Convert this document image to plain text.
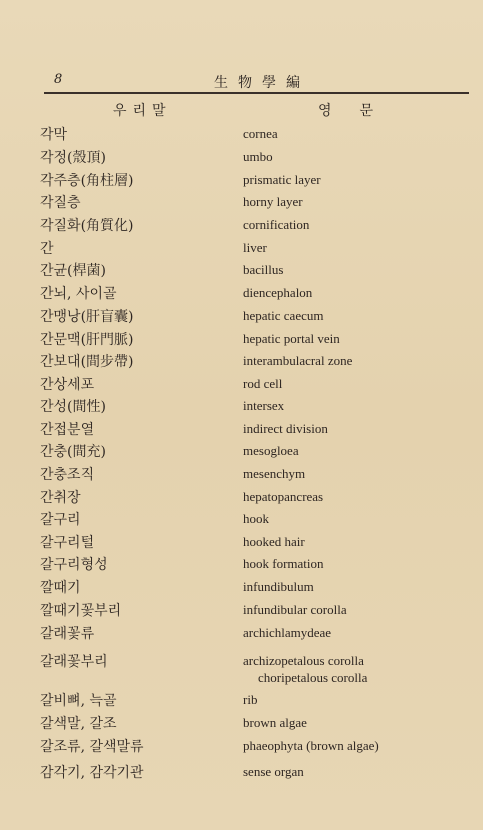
8	生物學編
우리말	영문
각막	cornea
각정(殼頂)	umbo
각주층(角柱層)	prismatic layer
각질층	horny layer
각질화(角質化)	cornification
간	liver
간균(桿菌)	bacillus
간뇌, 사이골	diencephalon
간맹낭(肝盲囊)	hepatic caecum
간문맥(肝門脈)	hepatic portal vein
간보대(間步帶)	interambulacral zone
간상세포	rod cell
간성(間性)	intersex
간접분열	indirect division
간충(間充)	mesogloea
간충조직	mesenchym
간취장	hepatopancreas
갈구리	hook
갈구리털	hooked hair
갈구리형성	hook formation
깔때기	infundibulum
깔때기꽃부리	infundibular corolla
갈래꽃류	archichlamydeae
갈래꽃부리	archizopetalous corolla
choripetalous corolla
갈비뼈, 늑골	rib
갈색말, 갈조	brown algae
갈조류, 갈색말류	phaeophyta (brown algae)
감각기, 감각기관	sense organ
